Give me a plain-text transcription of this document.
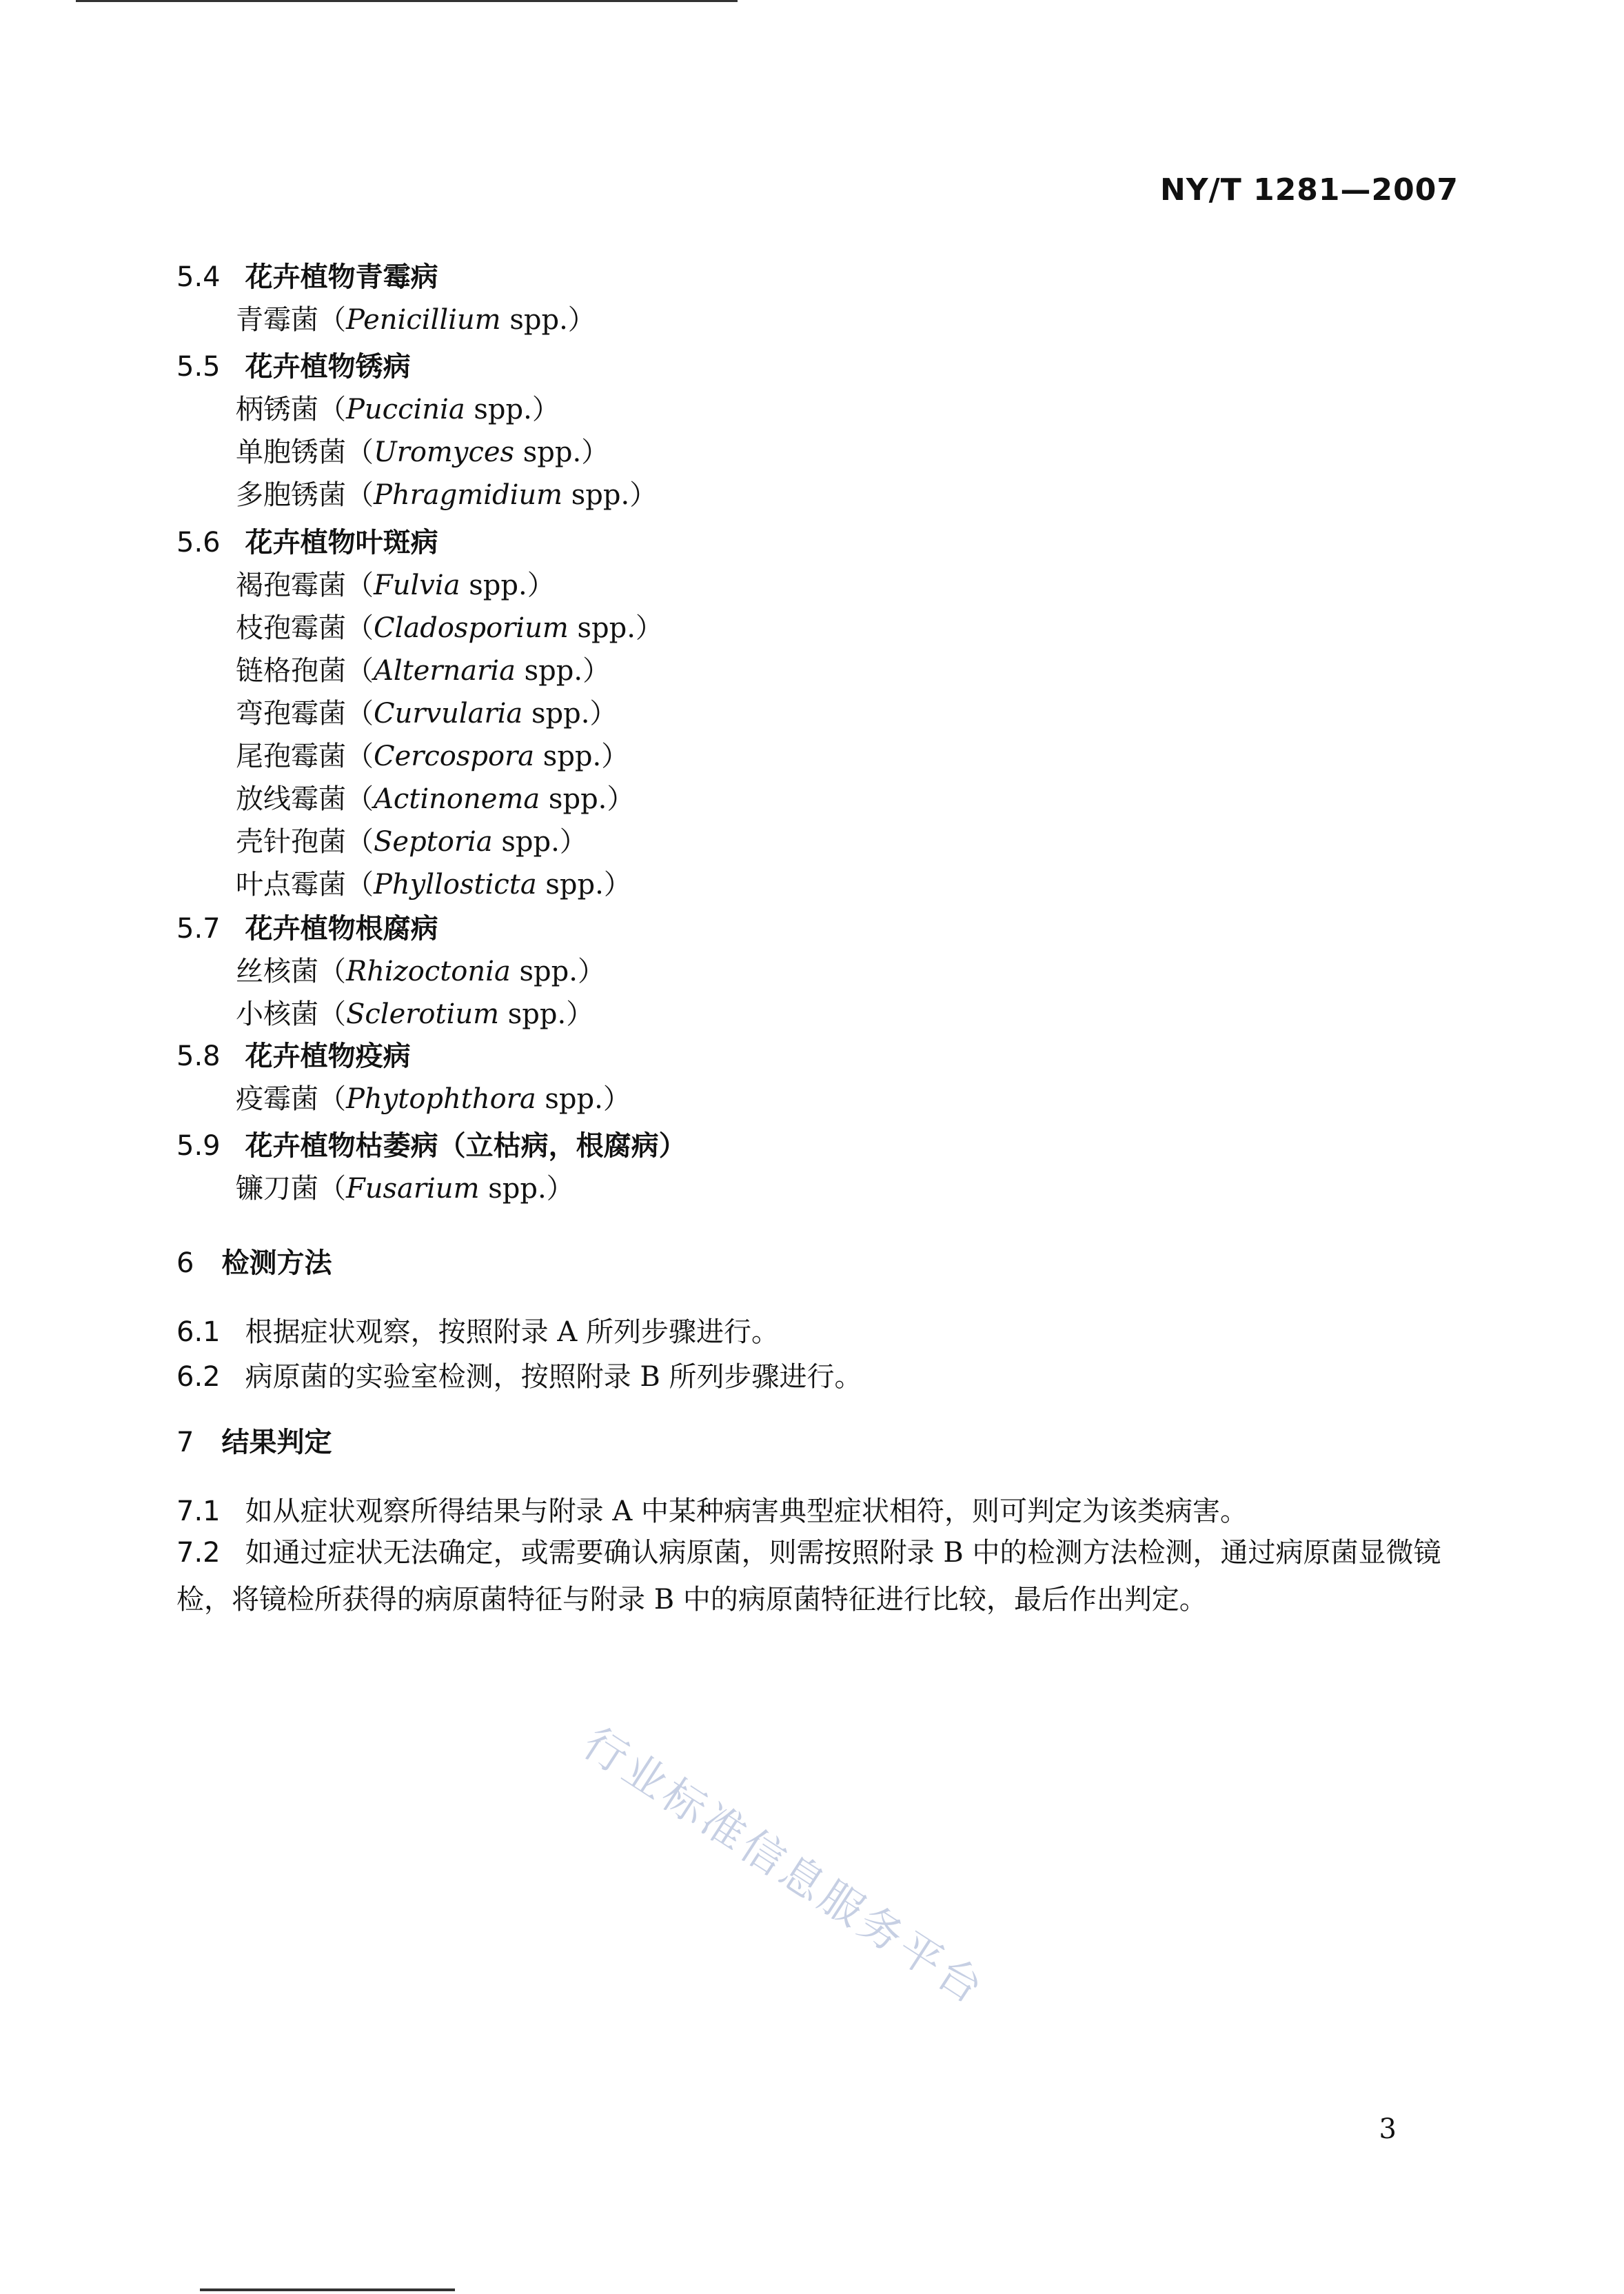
NY/T 1281—2007
5.4 花卉植物青霉病
青霉菌（Penicillium spp.）
5.5 花卉植物锈病
柄锈菌（Puccinia spp.）
单胞锈菌（Uromyces spp.）
多胞锈菌（Phragmidium spp.）
5.6 花卉植物叶斑病
褐孢霉菌（Fulvia spp.）
枝孢霉菌（Cladosporium spp.）
链格孢菌（Alternaria spp.）
弯孢霉菌（Curvularia spp.）
尾孢霉菌（Cercospora spp.）
放线霉菌（Actinonema spp.）
壳针孢菌（Septoria spp.）
叶点霉菌（Phyllosticta spp.）
5.7 花卉植物根腐病
丝核菌（Rhizoctonia spp.）
小核菌（Sclerotium spp.）
5.8 花卉植物疫病
疫霉菌（Phytophthora spp.）
5.9 花卉植物枯萎病（立枯病，根腐病）
镰刀菌（Fusarium spp.）
6 检测方法
6.1 根据症状观察，按照附录 A 所列步骤进行。
6.2 病原菌的实验室检测，按照附录 B 所列步骤进行。
7 结果判定
7.1 如从症状观察所得结果与附录 A 中某种病害典型症状相符，则可判定为该类病害。
7.2 如通过症状无法确定，或需要确认病原菌，则需按照附录 B 中的检测方法检测，通过病原菌显微镜检，将镜检所获得的病原菌特征与附录 B 中的病原菌特征进行比较，最后作出判定。
行业标准信息服务平台
3
